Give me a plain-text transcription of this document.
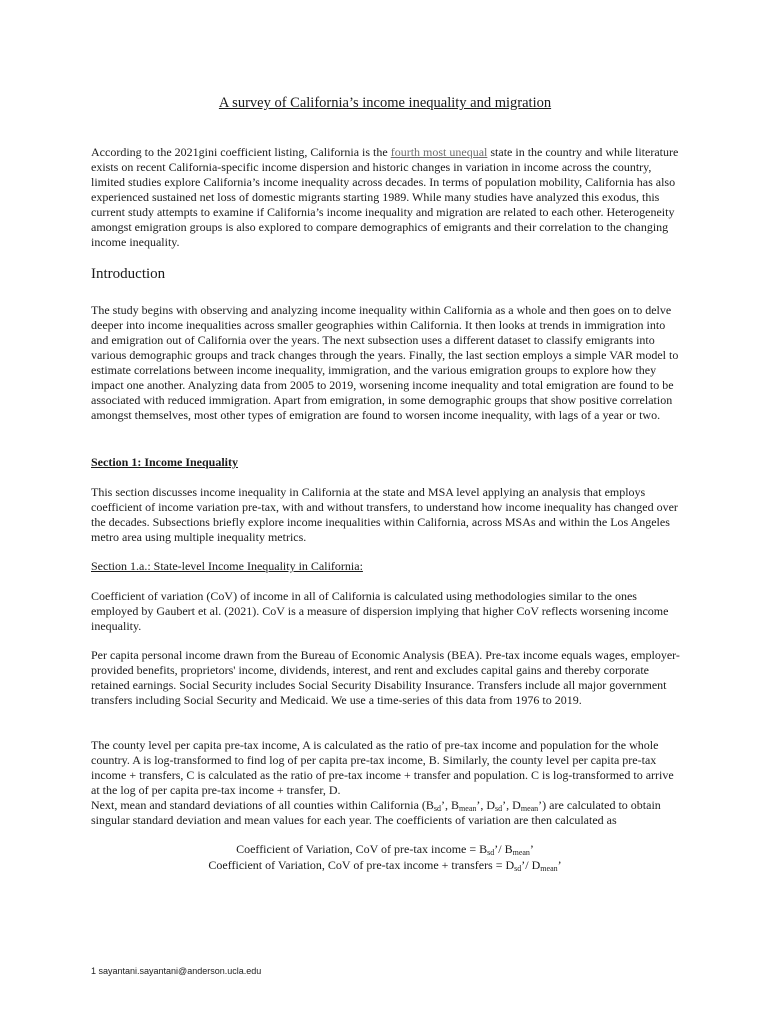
A survey of California’s income inequality and migration

According to the 2021gini coefficient listing, California is the fourth most unequal state in the country and while literature exists on recent California-specific income dispersion and historic changes in variation in income across the country, limited studies explore California’s income inequality across decades. In terms of population mobility, California has also experienced sustained net loss of domestic migrants starting 1989. While many studies have analyzed this exodus, this current study attempts to examine if California’s income inequality and migration are related to each other. Heterogeneity amongst emigration groups is also explored to compare demographics of emigrants and their correlation to the changing income inequality.

Introduction

The study begins with observing and analyzing income inequality within California as a whole and then goes on to delve deeper into income inequalities across smaller geographies within California. It then looks at trends in immigration into and emigration out of California over the years. The next subsection uses a different dataset to classify emigrants into various demographic groups and track changes through the years. Finally, the last section employs a simple VAR model to estimate correlations between income inequality, immigration, and the various emigration groups to explore how they impact one another. Analyzing data from 2005 to 2019, worsening income inequality and total emigration are found to be associated with reduced immigration. Apart from emigration, in some demographic groups that show positive correlation amongst themselves, most other types of emigration are found to worsen income inequality, with lags of a year or two.

Section 1: Income Inequality

This section discusses income inequality in California at the state and MSA level applying an analysis that employs coefficient of income variation pre-tax, with and without transfers, to understand how income inequality has changed over the decades. Subsections briefly explore income inequalities within California, across MSAs and within the Los Angeles metro area using multiple inequality metrics.

Section 1.a.: State-level Income Inequality in California:

Coefficient of variation (CoV) of income in all of California is calculated using methodologies similar to the ones employed by Gaubert et al. (2021). CoV is a measure of dispersion implying that higher CoV reflects worsening income inequality.

Per capita personal income drawn from the Bureau of Economic Analysis (BEA). Pre-tax income equals wages, employer-provided benefits, proprietors' income, dividends, interest, and rent and excludes capital gains and thereby corporate retained earnings. Social Security includes Social Security Disability Insurance. Transfers include all major government transfers including Social Security and Medicaid. We use a time-series of this data from 1976 to 2019.

The county level per capita pre-tax income, A is calculated as the ratio of pre-tax income and population for the whole country. A is log-transformed to find log of per capita pre-tax income, B. Similarly, the county level per capita pre-tax income + transfers, C is calculated as the ratio of pre-tax income + transfer and population. C is log-transformed to arrive at the log of per capita pre-tax income + transfer, D.
Next, mean and standard deviations of all counties within California ($B_{sd}$’, $B_{mean}$’, $D_{sd}$’, $D_{mean}$’) are calculated to obtain singular standard deviation and mean values for each year. The coefficients of variation are then calculated as

Coefficient of Variation, CoV of pre-tax income = $B_{sd}’/$ $B_{mean}$’
Coefficient of Variation, CoV of pre-tax income + transfers = $D_{sd}’/$ $D_{mean}$’
1 sayantani.sayantani@anderson.ucla.edu
